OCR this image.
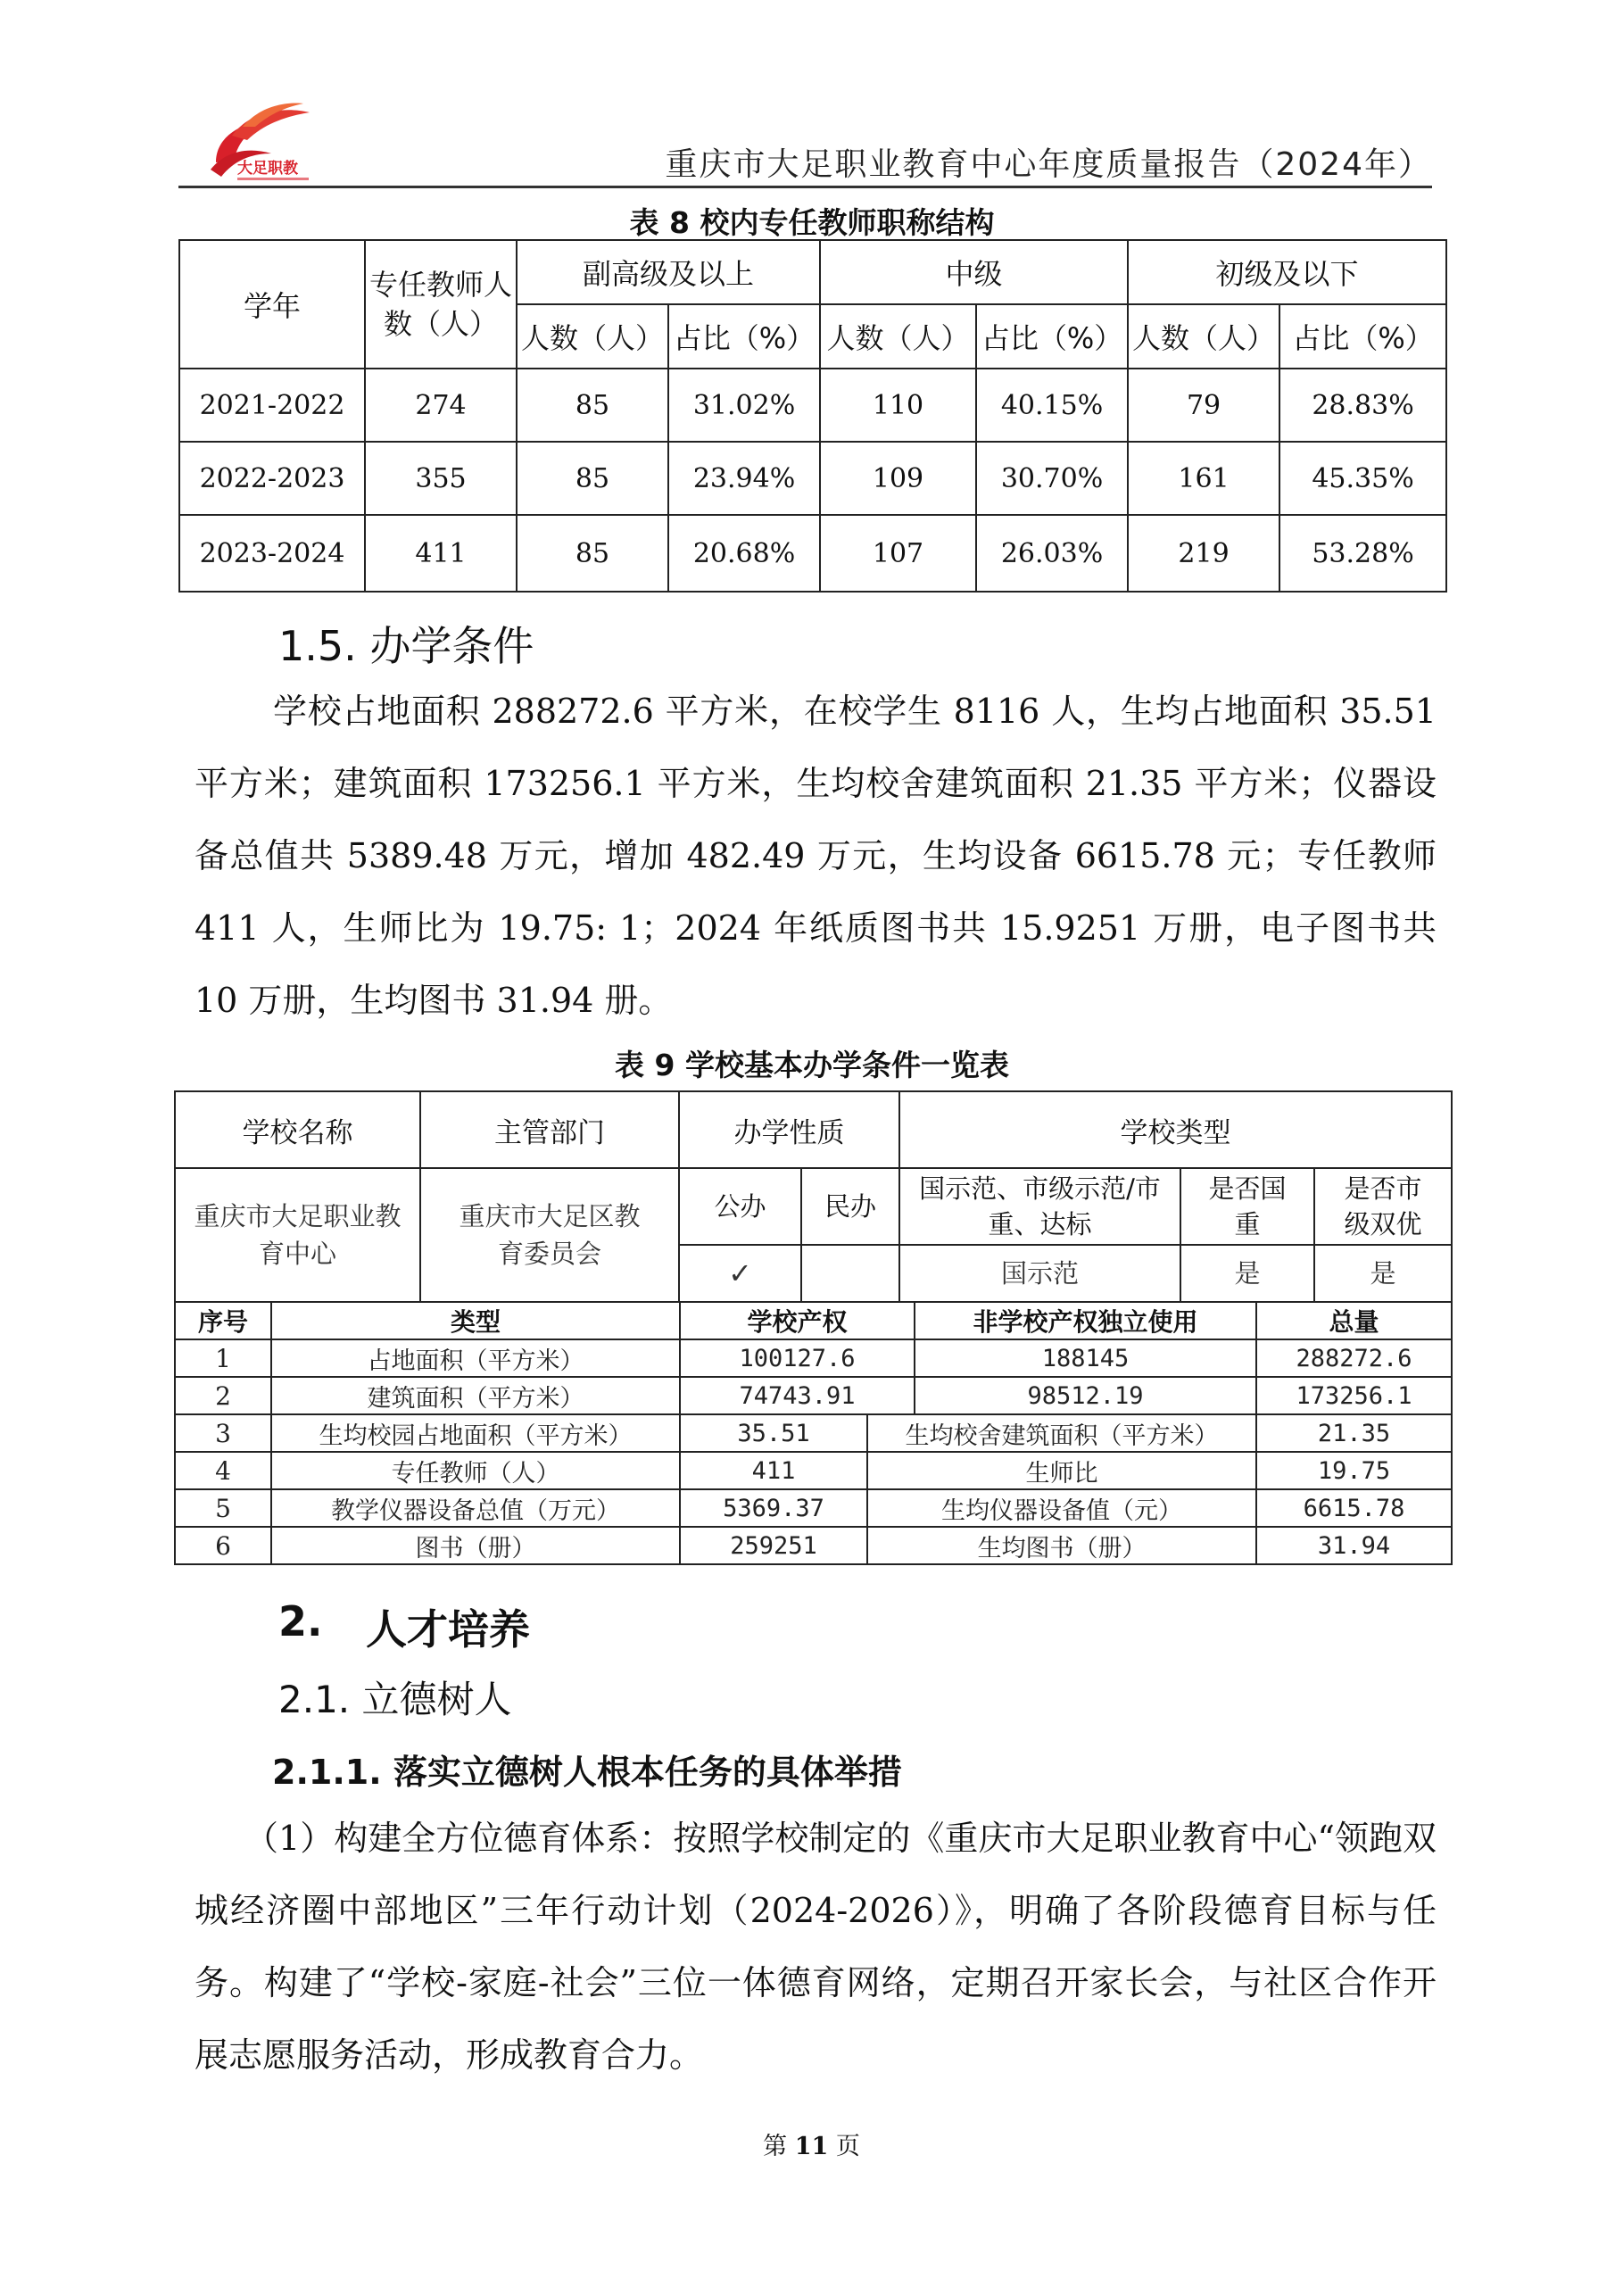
大足职教	重庆市大足职业教育中心年度质量报告（2024年）
表 8 校内专任教师职称结构
学年	专任教师人数（人）	副高级及以上		中级		初级及以下	
		人数（人）	占比（%）	人数（人）	占比（%）	人数（人）	占比（%）
2021-2022	274	85	31.02%	110	40.15%	79	28.83%
2022-2023	355	85	23.94%	109	30.70%	161	45.35%
2023-2024	411	85	20.68%	107	26.03%	219	53.28%
1.5. 办学条件
学校占地面积 288272.6 平方米，在校学生 8116 人，生均占地面积 35.51 平方米；建筑面积 173256.1 平方米，生均校舍建筑面积 21.35 平方米；仪器设备总值共 5389.48 万元，增加 482.49 万元，生均设备 6615.78 元；专任教师 411 人，生师比为 19.75: 1；2024 年纸质图书共 15.9251 万册，电子图书共 10 万册，生均图书 31.94 册。
表 9 学校基本办学条件一览表
学校名称	主管部门	办学性质		学校类型		
重庆市大足职业教育中心	重庆市大足区教育委员会	公办	民办	国示范、市级示范/市重、达标	是否国重	是否市级双优
		✓		国示范	是	是
序号	类型	学校产权		非学校产权独立使用	总量
1	占地面积（平方米）	100127.6		188145	288272.6
2	建筑面积（平方米）	74743.91		98512.19	173256.1
3	生均校园占地面积（平方米）	35.51	生均校舍建筑面积（平方米）		21.35
4	专任教师（人）	411	生师比		19.75
5	教学仪器设备总值（万元）	5369.37	生均仪器设备值（元）		6615.78
6	图书（册）	259251	生均图书（册）		31.94
2. 人才培养
2.1. 立德树人
2.1.1. 落实立德树人根本任务的具体举措
（1）构建全方位德育体系：按照学校制定的《重庆市大足职业教育中心“领跑双城经济圈中部地区”三年行动计划（2024-2026）》，明确了各阶段德育目标与任务。构建了“学校-家庭-社会”三位一体德育网络，定期召开家长会，与社区合作开展志愿服务活动，形成教育合力。
第 11 页
